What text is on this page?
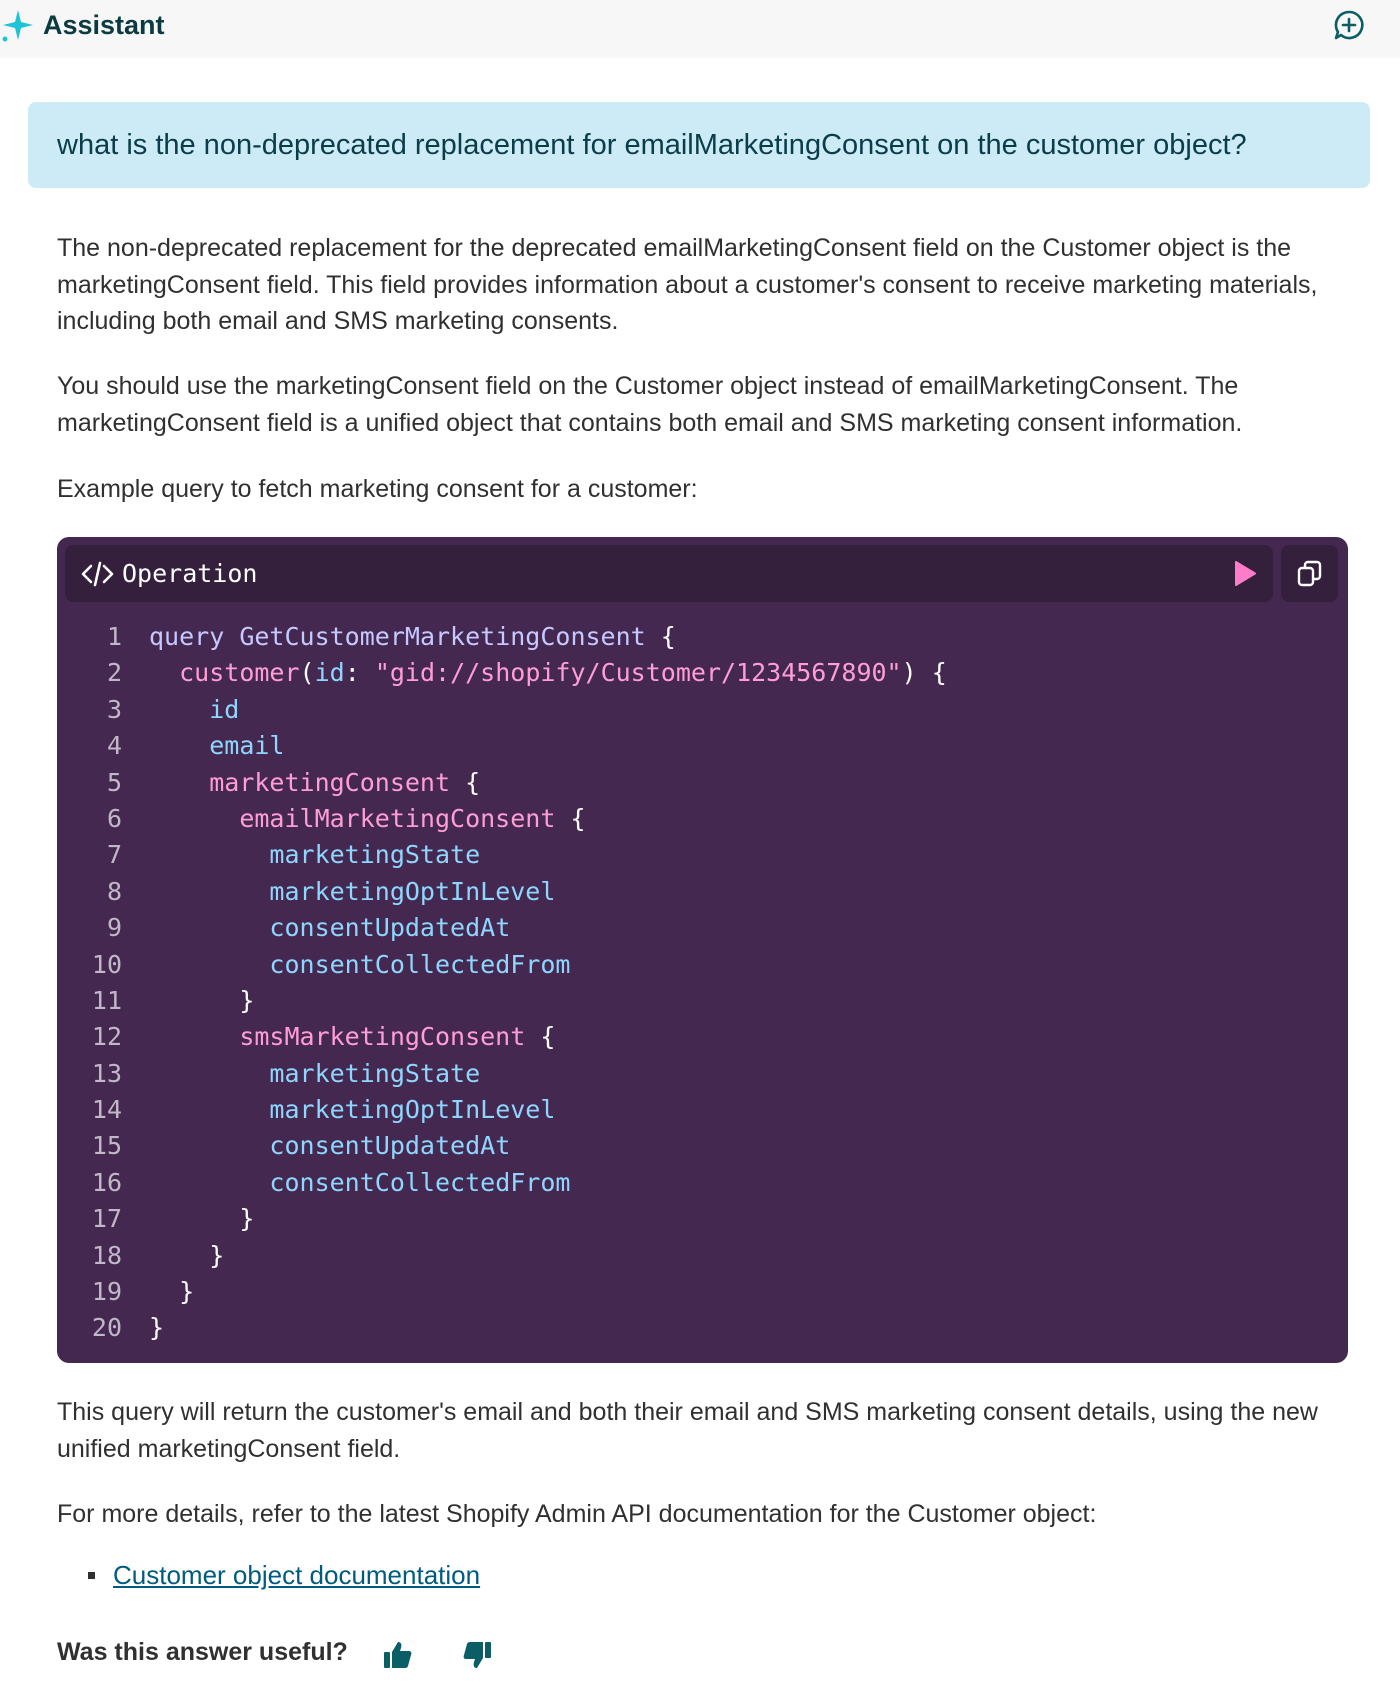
Assistant
what is the non-deprecated replacement for emailMarketingConsent on the customer object?

The non-deprecated replacement for the deprecated emailMarketingConsent field on the Customer object is the marketingConsent field. This field provides information about a customer's consent to receive marketing materials, including both email and SMS marketing consents.

You should use the marketingConsent field on the Customer object instead of emailMarketingConsent. The marketingConsent field is a unified object that contains both email and SMS marketing consent information.

Example query to fetch marketing consent for a customer:

Operation
1 query GetCustomerMarketingConsent {
2	customer(id: "gid://shopify/Customer/1234567890") {
3	id
4	email
5	marketingConsent {
6	emailMarketingConsent {
7	marketingState
8	marketingOptInLevel
9	consentUpdatedAt
10	consentCollectedFrom
11	}
12	smsMarketingConsent {
13	marketingState
14	marketingOptInLevel
15	consentUpdatedAt
16	consentCollectedFrom
17	}
18	}
19	}
20 }

This query will return the customer's email and both their email and SMS marketing consent details, using the new unified marketingConsent field.

For more details, refer to the latest Shopify Admin API documentation for the Customer object:

Customer object documentation
Was this answer useful?
